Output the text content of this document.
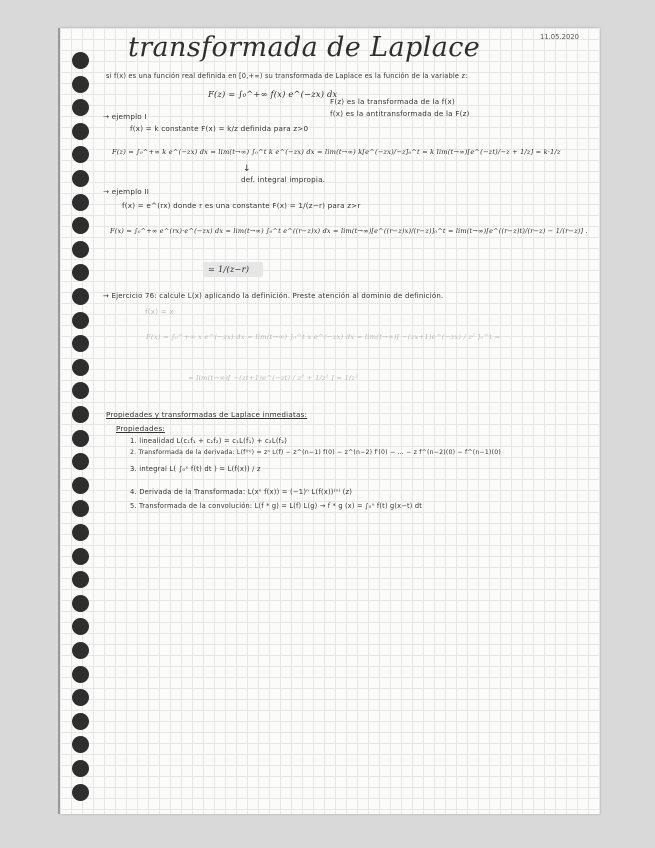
transformada de Laplace	11.05.2020
si f(x) es una función real definida en [0,+∞) su transformada de Laplace es la función de la variable z:
F(z) = ∫₀^+∞ f(x) e^(−zx) dx
F(z) es la transformada de la f(x)
f(x) es la antitransformada de la F(z)
→ ejemplo I
f(x) = k constante F(x) = k/z definida para z>0
F(z) = ∫₀^+∞ k e^(−zx) dx = lim(t→∞) ∫₀^t k e^(−zx) dx = lim(t→∞) k[e^(−zx)/−z]₀^t = k lim(t→∞)[e^(−zt)/−z + 1/z] = k·1/z
↓
def. integral impropia.
→ ejemplo II
f(x) = e^(rx) donde r es una constante F(x) = 1/(z−r) para z>r
F(x) = ∫₀^+∞ e^(rx)·e^(−zx) dx = lim(t→∞) ∫₀^t e^((r−z)x) dx = lim(t→∞)[e^((r−z)x)/(r−z)]₀^t = lim(t→∞)[e^((r−z)t)/(r−z) − 1/(r−z)] .
= 1/(z−r)
→ Ejercicio 76: calcule L(x) aplicando la definición. Preste atención al dominio de definición.
f(x) = x
F(x) = ∫₀^+∞ x e^(−zx) dx = lim(t→∞) ∫₀^t x e^(−zx) dx = lim(t→∞)[ −(zx+1)e^(−zx) / z² ]₀^t =
= lim(t→∞)[ −(zt+1)e^(−zt) / z² + 1/z² ] = 1/z²
Propiedades y transformadas de Laplace inmediatas:
Propiedades:
1. linealidad L(c₁f₁ + c₂f₂) = c₁L(f₁) + c₂L(f₂)
2. Transformada de la derivada: L(f⁽ⁿ⁾) = zⁿ L(f) − z^(n−1) f(0) − z^(n−2) f′(0) − … − z f^(n−2)(0) − f^(n−1)(0)
3. integral L( ∫₀ˣ f(t) dt ) = L(f(x)) / z
4. Derivada de la Transformada: L(xⁿ f(x)) = (−1)ⁿ L(f(x))⁽ⁿ⁾ (z)
5. Transformada de la convolución: L(f * g) = L(f) L(g) → f * g (x) = ∫₀ˣ f(t) g(x−t) dt
